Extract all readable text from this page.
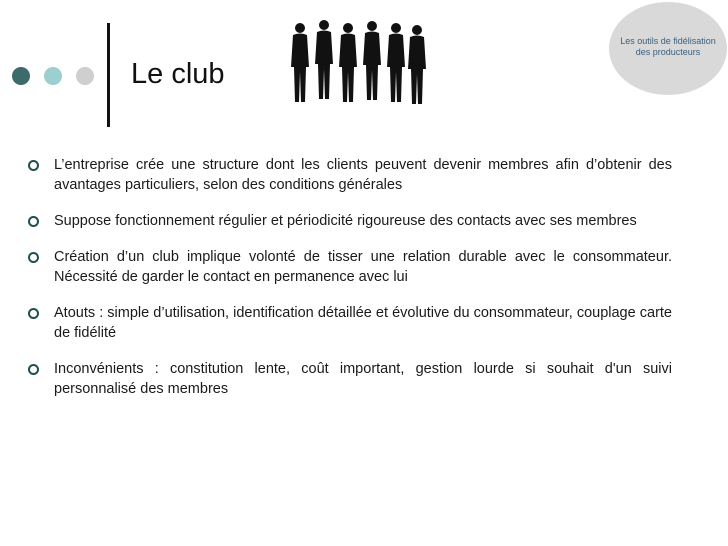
Le club
Les outils de fidélisation des producteurs
L’entreprise crée une structure dont les clients peuvent devenir membres afin d’obtenir des avantages particuliers, selon des conditions générales
Suppose fonctionnement régulier et périodicité rigoureuse des contacts avec ses membres
Création d’un club implique volonté de tisser une relation durable avec le consommateur. Nécessité de garder le contact en permanence avec lui
Atouts : simple d’utilisation, identification détaillée et évolutive du consommateur, couplage carte de fidélité
Inconvénients : constitution lente, coût important, gestion lourde si souhait d'un suivi personnalisé des membres
